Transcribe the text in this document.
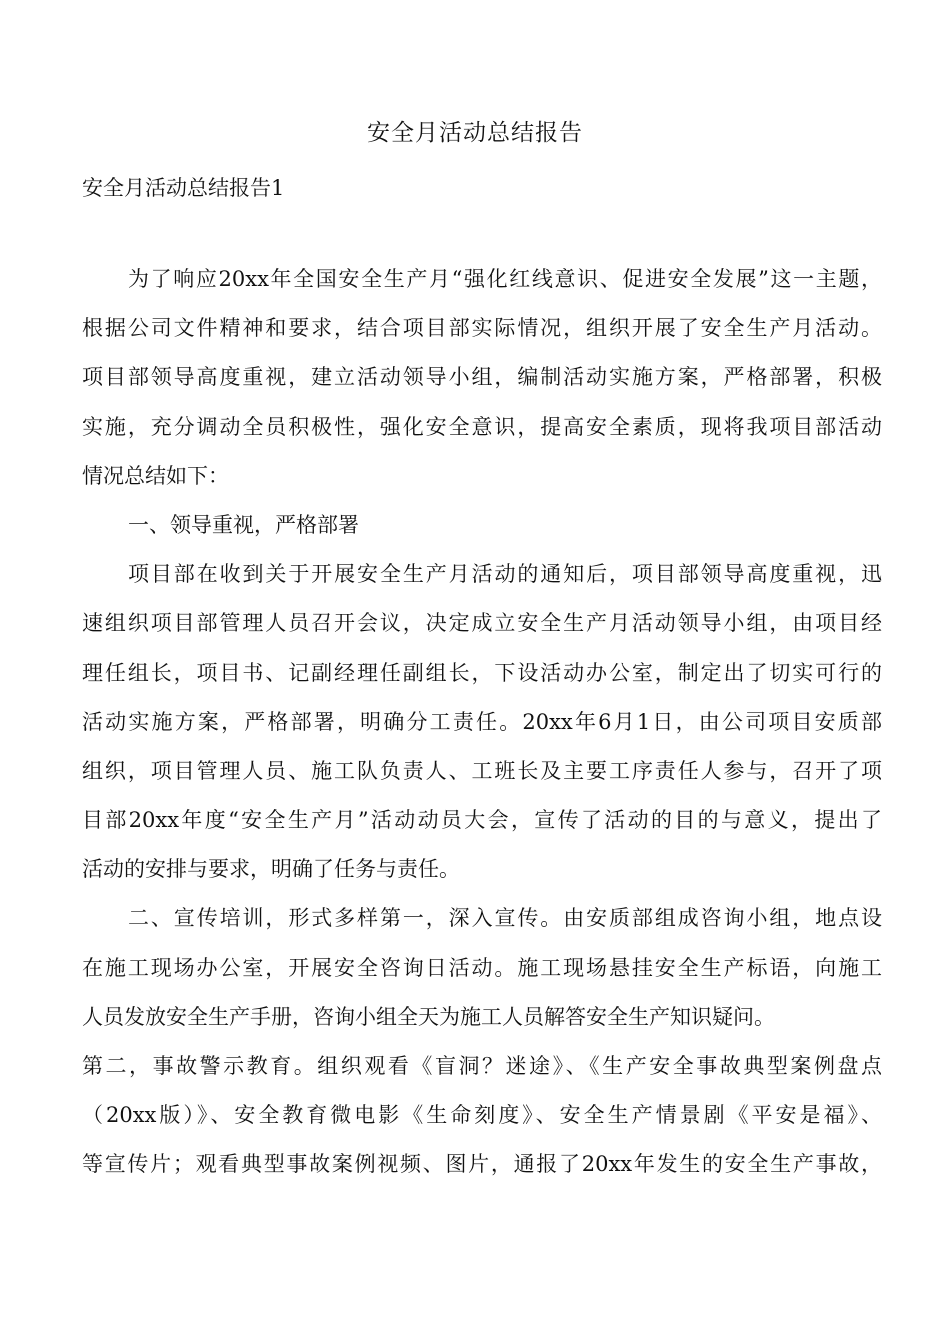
安全月活动总结报告
安全月活动总结报告1
为了响应20xx年全国安全生产月“强化红线意识、促进安全发展”这一主题，
根据公司文件精神和要求，结合项目部实际情况，组织开展了安全生产月活动。
项目部领导高度重视，建立活动领导小组，编制活动实施方案，严格部署，积极
实施，充分调动全员积极性，强化安全意识，提高安全素质，现将我项目部活动
情况总结如下：
一、领导重视，严格部署
项目部在收到关于开展安全生产月活动的通知后，项目部领导高度重视，迅
速组织项目部管理人员召开会议，决定成立安全生产月活动领导小组，由项目经
理任组长，项目书、记副经理任副组长，下设活动办公室，制定出了切实可行的
活动实施方案，严格部署，明确分工责任。20xx年6月1日，由公司项目安质部
组织，项目管理人员、施工队负责人、工班长及主要工序责任人参与，召开了项
目部20xx年度“安全生产月”活动动员大会，宣传了活动的目的与意义，提出了
活动的安排与要求，明确了任务与责任。
二、宣传培训，形式多样第一，深入宣传。由安质部组成咨询小组，地点设
在施工现场办公室，开展安全咨询日活动。施工现场悬挂安全生产标语，向施工
人员发放安全生产手册，咨询小组全天为施工人员解答安全生产知识疑问。
第二，事故警示教育。组织观看《盲洞？迷途》、《生产安全事故典型案例盘点
（20xx版）》、安全教育微电影《生命刻度》、安全生产情景剧《平安是福》、
等宣传片；观看典型事故案例视频、图片，通报了20xx年发生的安全生产事故，
